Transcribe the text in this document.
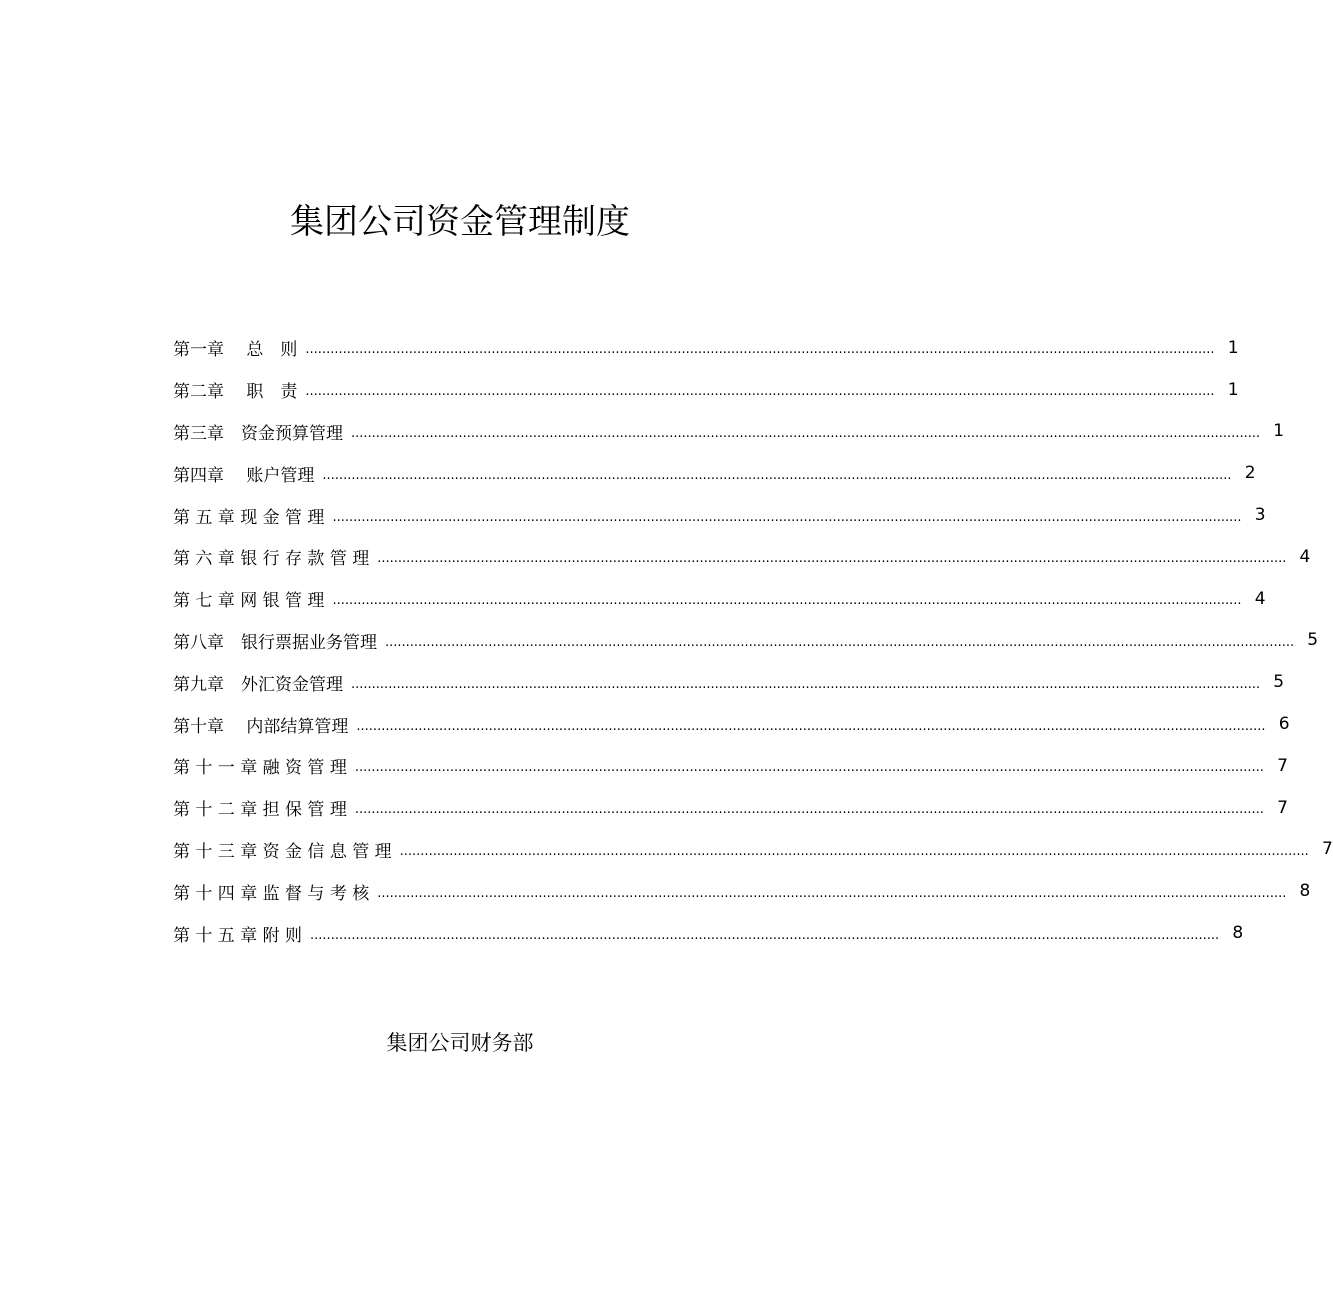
集团公司资金管理制度
第一章　 总　则 ............................................................................................................................................................................................................................ 1
第二章　 职　责 ............................................................................................................................................................................................................................ 1
第三章　资金预算管理 ............................................................................................................................................................................................................................ 1
第四章　 账户管理 ............................................................................................................................................................................................................................ 2
第 五 章 现 金 管 理 ............................................................................................................................................................................................................................ 3
第 六 章 银 行 存 款 管 理 ............................................................................................................................................................................................................................ 4
第 七 章 网 银 管 理 ............................................................................................................................................................................................................................ 4
第八章　银行票据业务管理 ............................................................................................................................................................................................................................ 5
第九章　外汇资金管理 ............................................................................................................................................................................................................................ 5
第十章　 内部结算管理 ............................................................................................................................................................................................................................ 6
第 十 一 章 融 资 管 理 ............................................................................................................................................................................................................................ 7
第 十 二 章 担 保 管 理 ............................................................................................................................................................................................................................ 7
第 十 三 章 资 金 信 息 管 理 ............................................................................................................................................................................................................................ 7
第 十 四 章 监 督 与 考 核 ............................................................................................................................................................................................................................ 8
第 十 五 章 附 则 ............................................................................................................................................................................................................................ 8

集团公司财务部
